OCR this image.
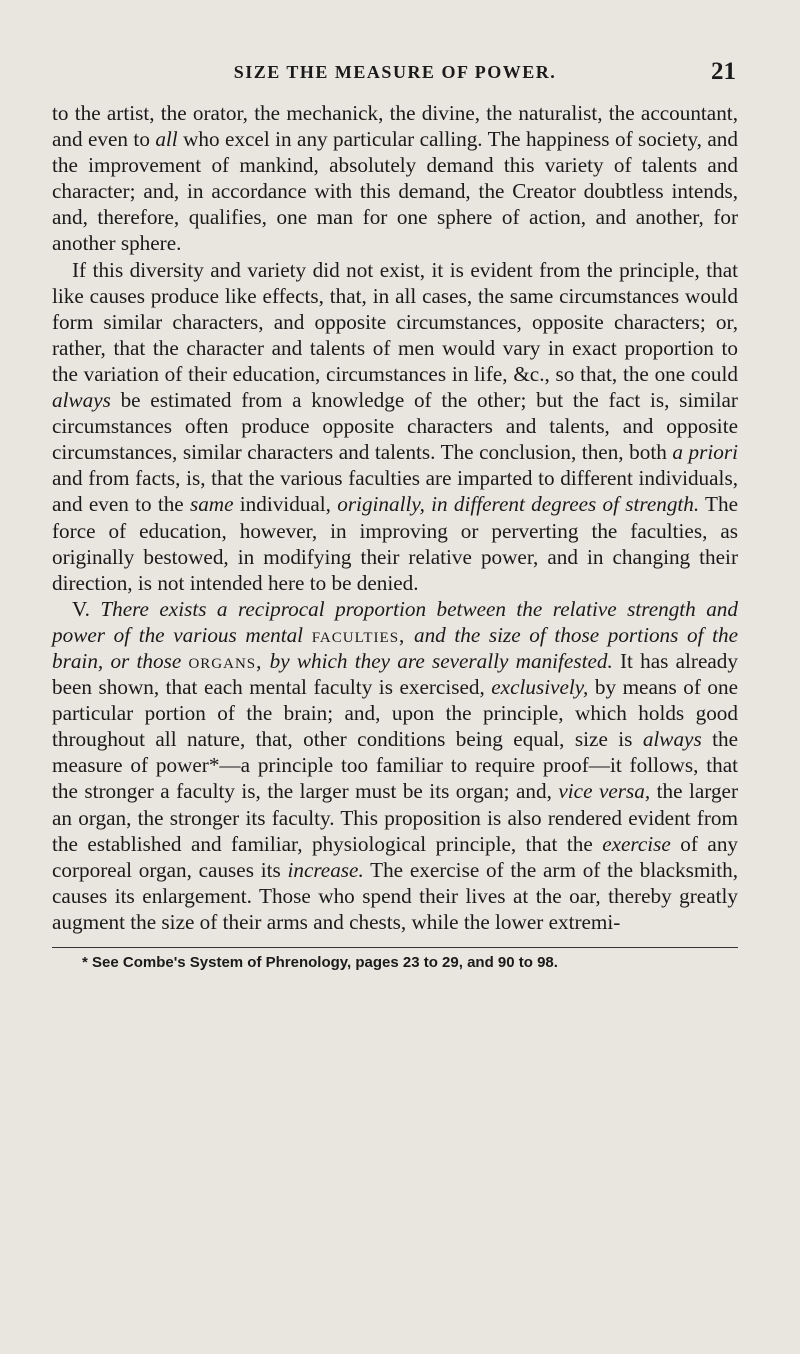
SIZE THE MEASURE OF POWER.	21

to the artist, the orator, the mechanick, the divine, the naturalist, the accountant, and even to all who excel in any particular calling. The happiness of society, and the improvement of mankind, absolutely demand this variety of talents and character; and, in accordance with this demand, the Creator doubtless intends, and, therefore, qualifies, one man for one sphere of action, and another, for another sphere.

If this diversity and variety did not exist, it is evident from the principle, that like causes produce like effects, that, in all cases, the same circumstances would form similar characters, and opposite circumstances, opposite characters; or, rather, that the character and talents of men would vary in exact proportion to the variation of their education, circumstances in life, &c., so that, the one could always be estimated from a knowledge of the other; but the fact is, similar circumstances often produce opposite characters and talents, and opposite circumstances, similar characters and talents. The conclusion, then, both a priori and from facts, is, that the various faculties are imparted to different individuals, and even to the same individual, originally, in different degrees of strength. The force of education, however, in improving or perverting the faculties, as originally bestowed, in modifying their relative power, and in changing their direction, is not intended here to be denied.

V. There exists a reciprocal proportion between the relative strength and power of the various mental faculties, and the size of those portions of the brain, or those organs, by which they are severally manifested. It has already been shown, that each mental faculty is exercised, exclusively, by means of one particular portion of the brain; and, upon the principle, which holds good throughout all nature, that, other conditions being equal, size is always the measure of power*—a principle too familiar to require proof—it follows, that the stronger a faculty is, the larger must be its organ; and, vice versa, the larger an organ, the stronger its faculty. This proposition is also rendered evident from the established and familiar, physiological principle, that the exercise of any corporeal organ, causes its increase. The exercise of the arm of the blacksmith, causes its enlargement. Those who spend their lives at the oar, thereby greatly augment the size of their arms and chests, while the lower extremi-

* See Combe's System of Phrenology, pages 23 to 29, and 90 to 98.
